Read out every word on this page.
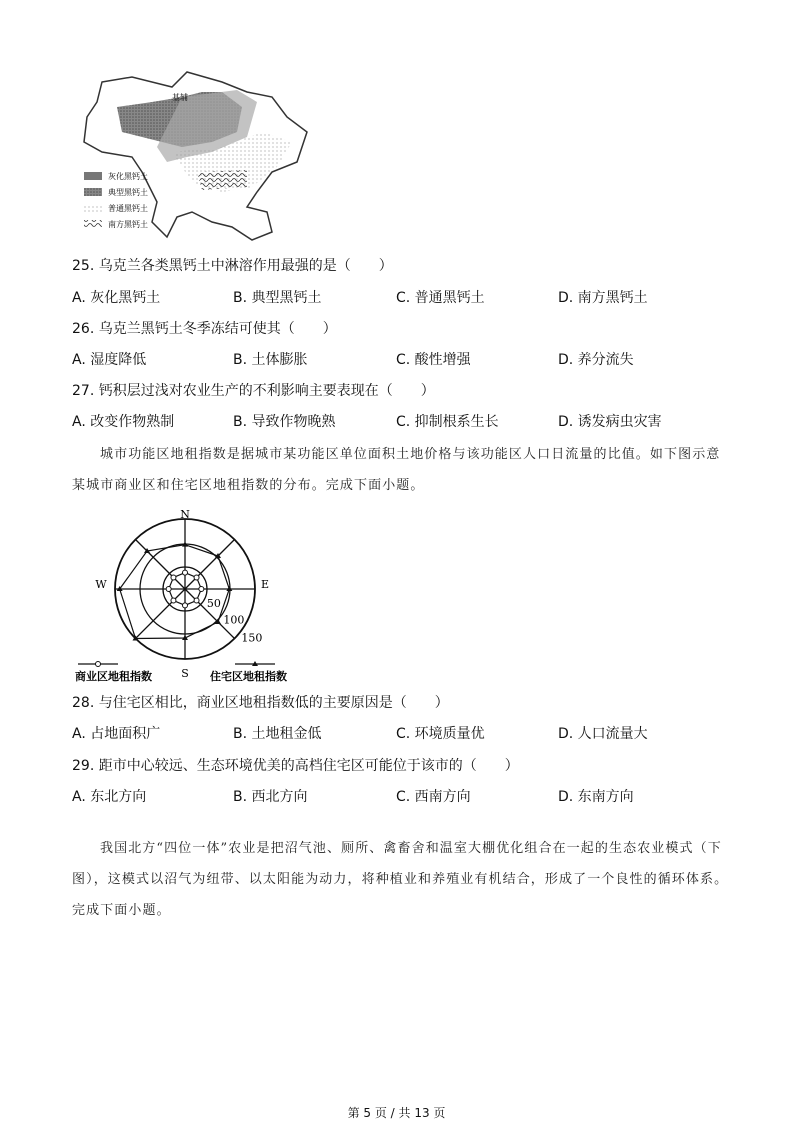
基辅
灰化黑钙土
典型黑钙土
普通黑钙土
南方黑钙土
25. 乌克兰各类黑钙土中淋溶作用最强的是（　　）
A. 灰化黑钙土	B. 典型黑钙土	C. 普通黑钙土	D. 南方黑钙土
26. 乌克兰黑钙土冬季冻结可使其（　　）
A. 湿度降低	B. 土体膨胀	C. 酸性增强	D. 养分流失
27. 钙积层过浅对农业生产的不利影响主要表现在（　　）
A. 改变作物熟制	B. 导致作物晚熟	C. 抑制根系生长	D. 诱发病虫灾害
城市功能区地租指数是据城市某功能区单位面积土地价格与该功能区人口日流量的比值。如下图示意
某城市商业区和住宅区地租指数的分布。完成下面小题。
N
E
S
W
50
100
150
商业区地租指数	住宅区地租指数
28. 与住宅区相比，商业区地租指数低的主要原因是（　　）
A. 占地面积广	B. 土地租金低	C. 环境质量优	D. 人口流量大
29. 距市中心较远、生态环境优美的高档住宅区可能位于该市的（　　）
A. 东北方向	B. 西北方向	C. 西南方向	D. 东南方向
我国北方“四位一体”农业是把沼气池、厕所、禽畜舍和温室大棚优化组合在一起的生态农业模式（下
图），这模式以沼气为纽带、以太阳能为动力，将种植业和养殖业有机结合，形成了一个良性的循环体系。
完成下面小题。
第 5 页 / 共 13 页
